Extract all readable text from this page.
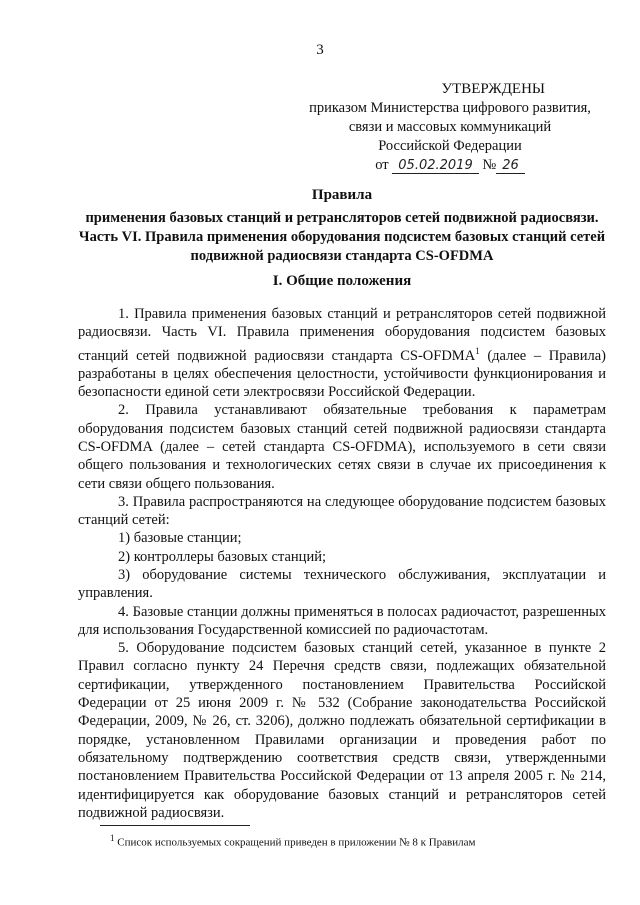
3
УТВЕРЖДЕНЫ
приказом Министерства цифрового развития,
связи и массовых коммуникаций
Российской Федерации
от 05.02.2019 № 26
Правила
применения базовых станций и ретрансляторов сетей подвижной радиосвязи. Часть VI. Правила применения оборудования подсистем базовых станций сетей подвижной радиосвязи стандарта CS-OFDMA
I. Общие положения

1. Правила применения базовых станций и ретрансляторов сетей подвижной радиосвязи. Часть VI. Правила применения оборудования подсистем базовых станций сетей подвижной радиосвязи стандарта CS-OFDMA$^1$ (далее – Правила) разработаны в целях обеспечения целостности, устойчивости функционирования и безопасности единой сети электросвязи Российской Федерации.

2. Правила устанавливают обязательные требования к параметрам оборудования подсистем базовых станций сетей подвижной радиосвязи стандарта CS-OFDMA (далее – сетей стандарта CS-OFDMA), используемого в сети связи общего пользования и технологических сетях связи в случае их присоединения к сети связи общего пользования.

3. Правила распространяются на следующее оборудование подсистем базовых станций сетей:

1) базовые станции;

2) контроллеры базовых станций;

3) оборудование системы технического обслуживания, эксплуатации и управления.

4. Базовые станции должны применяться в полосах радиочастот, разрешенных для использования Государственной комиссией по радиочастотам.

5. Оборудование подсистем базовых станций сетей, указанное в пункте 2 Правил согласно пункту 24 Перечня средств связи, подлежащих обязательной сертификации, утвержденного постановлением Правительства Российской Федерации от 25 июня 2009 г. № 532 (Собрание законодательства Российской Федерации, 2009, № 26, ст. 3206), должно подлежать обязательной сертификации в порядке, установленном Правилами организации и проведения работ по обязательному подтверждению соответствия средств связи, утвержденными постановлением Правительства Российской Федерации от 13 апреля 2005 г. № 214, идентифицируется как оборудование базовых станций и ретрансляторов сетей подвижной радиосвязи.

$^1$ Список используемых сокращений приведен в приложении № 8 к Правилам
